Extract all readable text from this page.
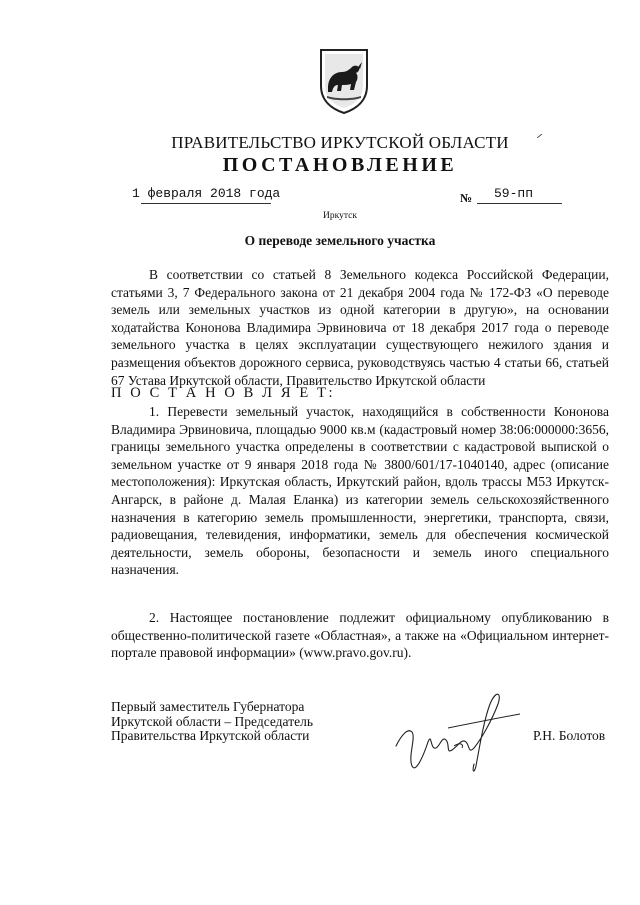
ПРАВИТЕЛЬСТВО ИРКУТСКОЙ ОБЛАСТИ
ПОСТАНОВЛЕНИЕ
1 февраля 2018 года	№ 59-пп
Иркутск
О переводе земельного участка

В соответствии со статьей 8 Земельного кодекса Российской Федерации, статьями 3, 7 Федерального закона от 21 декабря 2004 года № 172-ФЗ «О переводе земель или земельных участков из одной категории в другую», на основании ходатайства Кононова Владимира Эрвиновича от 18 декабря 2017 года о переводе земельного участка в целях эксплуатации существующего нежилого здания и размещения объектов дорожного сервиса, руководствуясь частью 4 статьи 66, статьей 67 Устава Иркутской области, Правительство Иркутской области

П О С Т А Н О В Л Я Е Т:

1. Перевести земельный участок, находящийся в собственности Кононова Владимира Эрвиновича, площадью 9000 кв.м (кадастровый номер 38:06:000000:3656, границы земельного участка определены в соответствии с кадастровой выпиской о земельном участке от 9 января 2018 года № 3800/601/17-1040140, адрес (описание местоположения): Иркутская область, Иркутский район, вдоль трассы М53 Иркутск-Ангарск, в районе д. Малая Еланка) из категории земель сельскохозяйственного назначения в категорию земель промышленности, энергетики, транспорта, связи, радиовещания, телевидения, информатики, земель для обеспечения космической деятельности, земель обороны, безопасности и земель иного специального назначения.

2. Настоящее постановление подлежит официальному опубликованию в общественно-политической газете «Областная», а также на «Официальном интернет-портале правовой информации» (www.pravo.gov.ru).

Первый заместитель Губернатора
Иркутской области – Председатель
Правительства Иркутской области	Р.Н. Болотов
